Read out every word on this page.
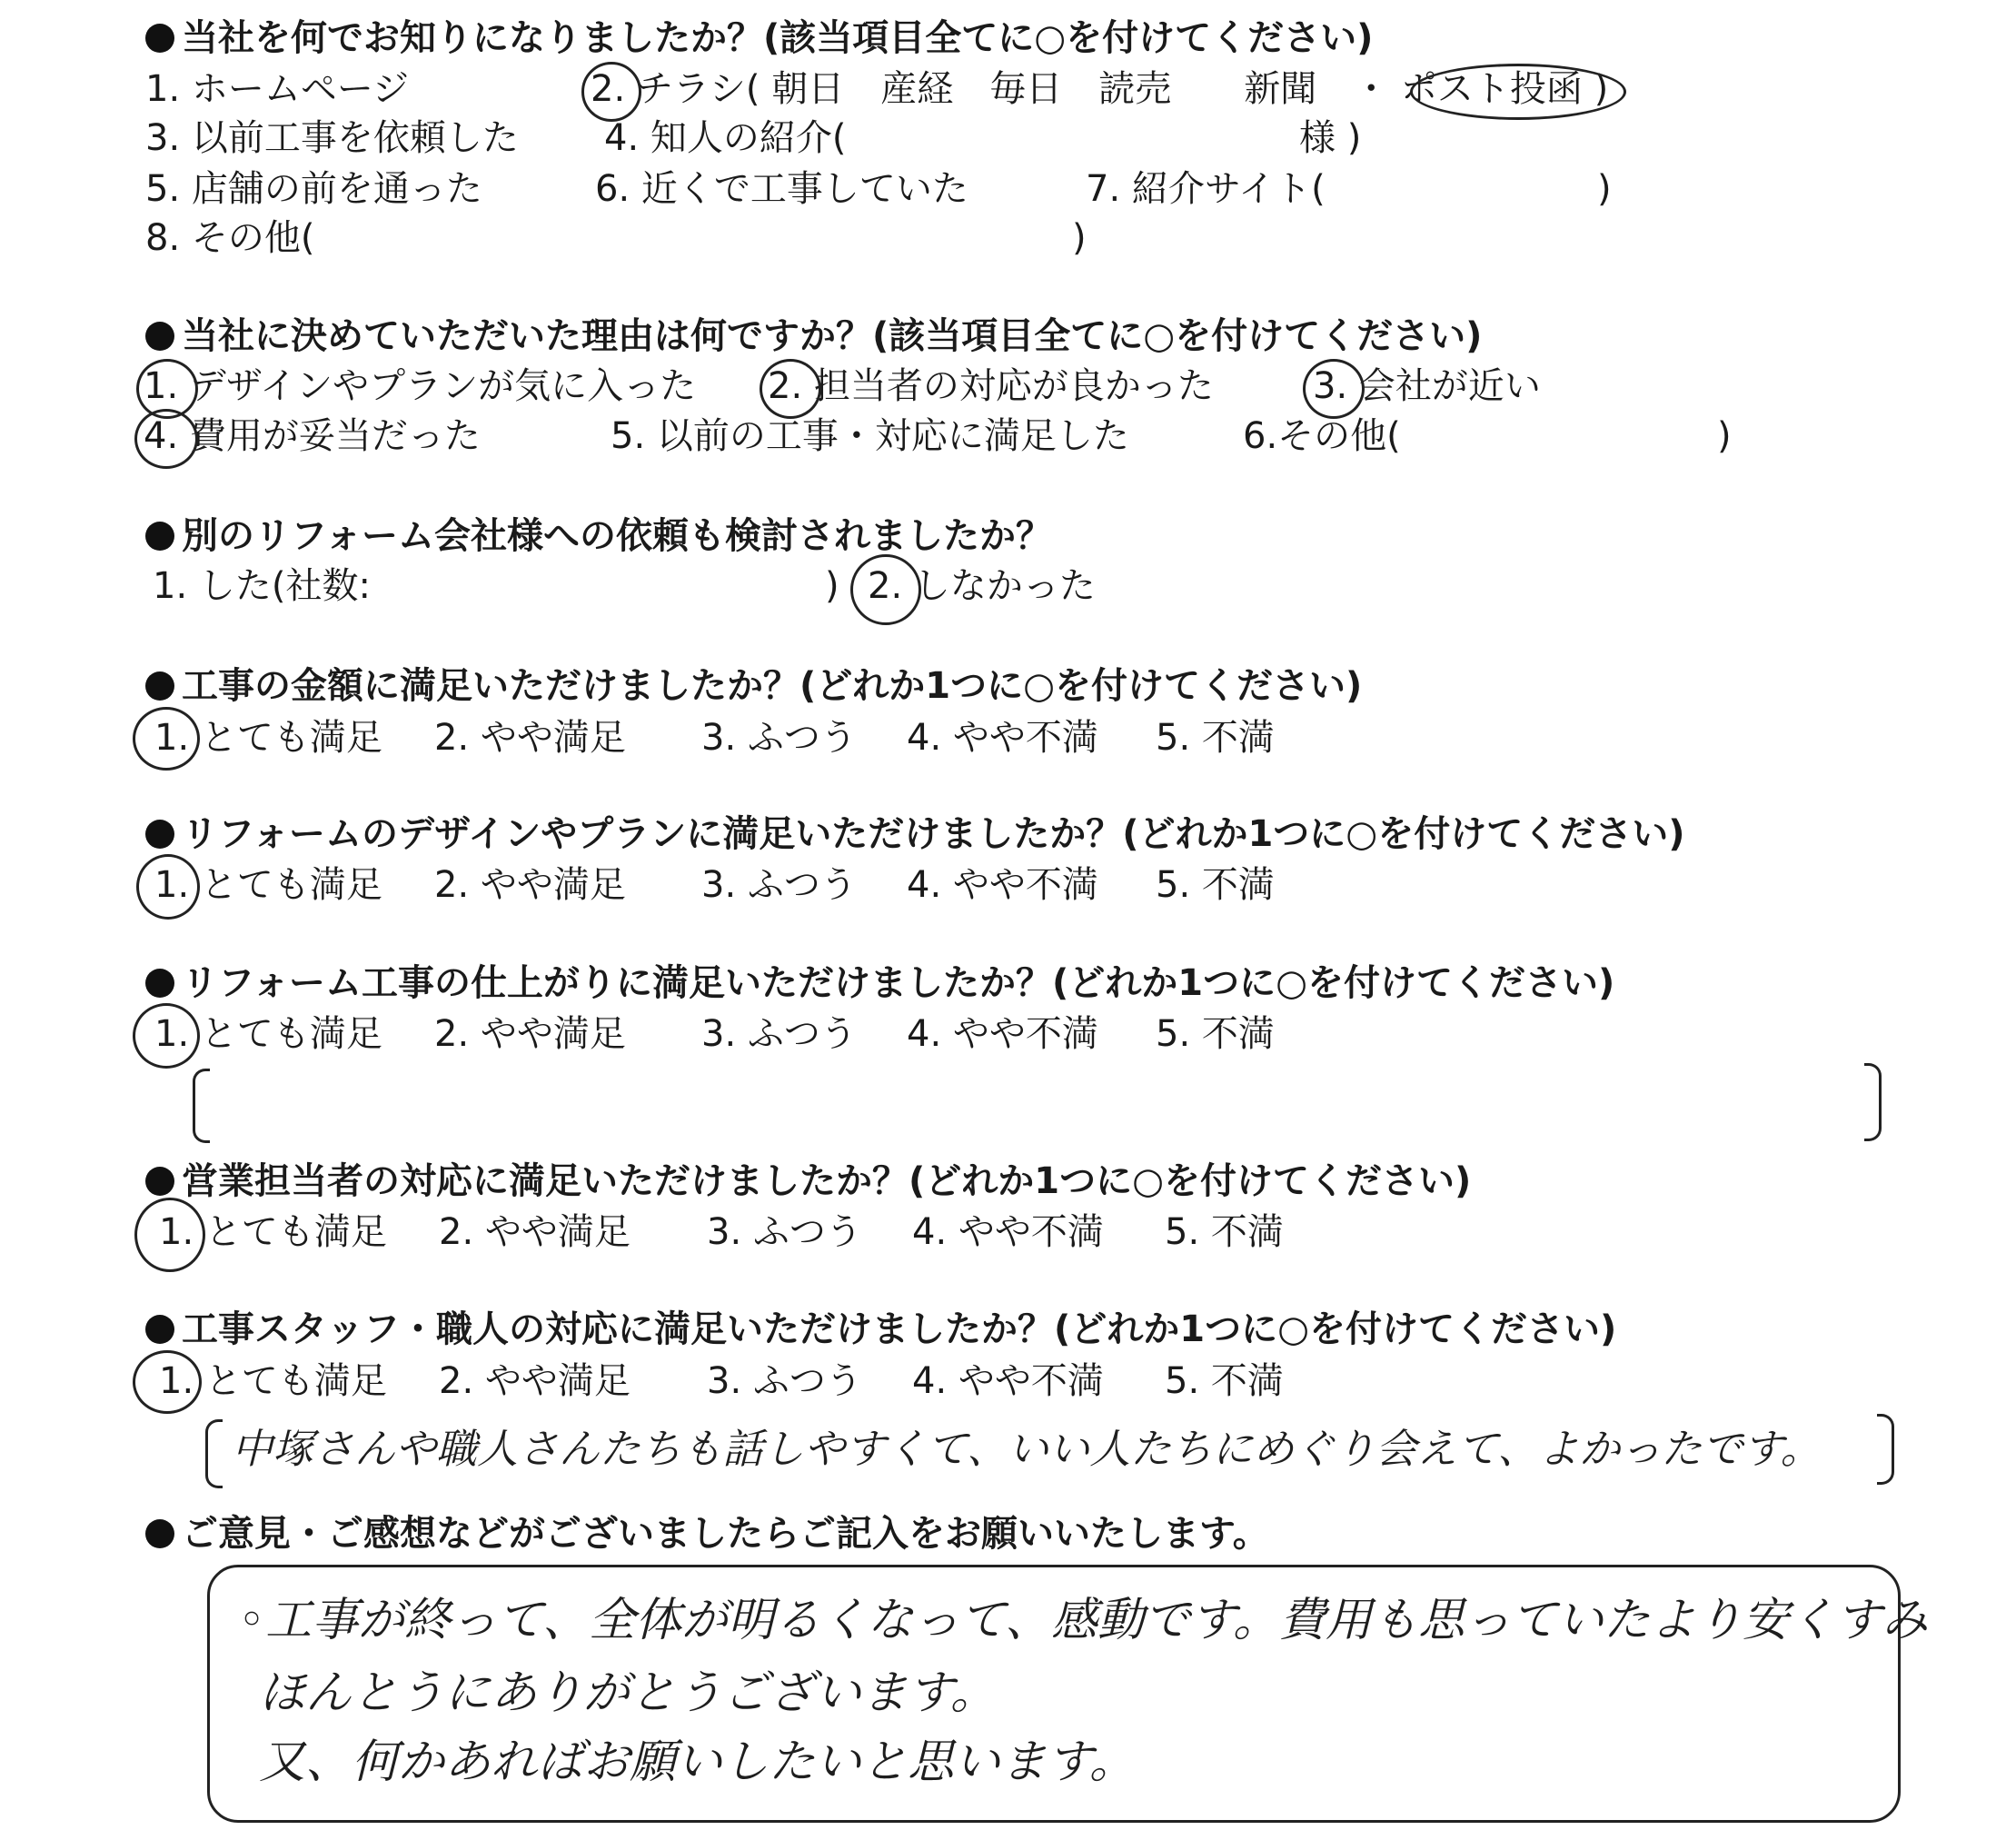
当社を何でお知りになりましたか？(該当項目全てに○を付けてください)
1. ホームページ	2. チラシ( 朝日　産経　毎日　読売　　新聞　・ ポスト投函 )
3. 以前工事を依頼した 4. 知人の紹介(	様 )
5. 店舗の前を通った	6. 近くで工事していた	7. 紹介サイト(	)
8. その他(	)
当社に決めていただいた理由は何ですか？(該当項目全てに○を付けてください)
1. デザインやプランが気に入った 2. 担当者の対応が良かった	3. 会社が近い
4. 費用が妥当だった	5. 以前の工事・対応に満足した	6.その他(	)
別のリフォーム会社様への依頼も検討されましたか？
1. した(社数:	) 2. しなかった
工事の金額に満足いただけましたか？(どれか1つに○を付けてください)
1. とても満足 2. やや満足 3. ふつう 4. やや不満 5. 不満
リフォームのデザインやプランに満足いただけましたか？(どれか1つに○を付けてください)
1. とても満足 2. やや満足 3. ふつう 4. やや不満 5. 不満
リフォーム工事の仕上がりに満足いただけましたか？(どれか1つに○を付けてください)
1. とても満足 2. やや満足 3. ふつう 4. やや不満 5. 不満
営業担当者の対応に満足いただけましたか？(どれか1つに○を付けてください)
1. とても満足 2. やや満足 3. ふつう 4. やや不満 5. 不満
工事スタッフ・職人の対応に満足いただけましたか？(どれか1つに○を付けてください)
1. とても満足 2. やや満足 3. ふつう 4. やや不満 5. 不満
中塚さんや職人さんたちも話しやすくて、いい人たちにめぐり会えて、よかったです。
ご意見・ご感想などがございましたらご記入をお願いいたします。
◦工事が終って、全体が明るくなって、感動です。費用も思っていたより安くすみ
ほんとうにありがとうございます。
又、何かあればお願いしたいと思います。
